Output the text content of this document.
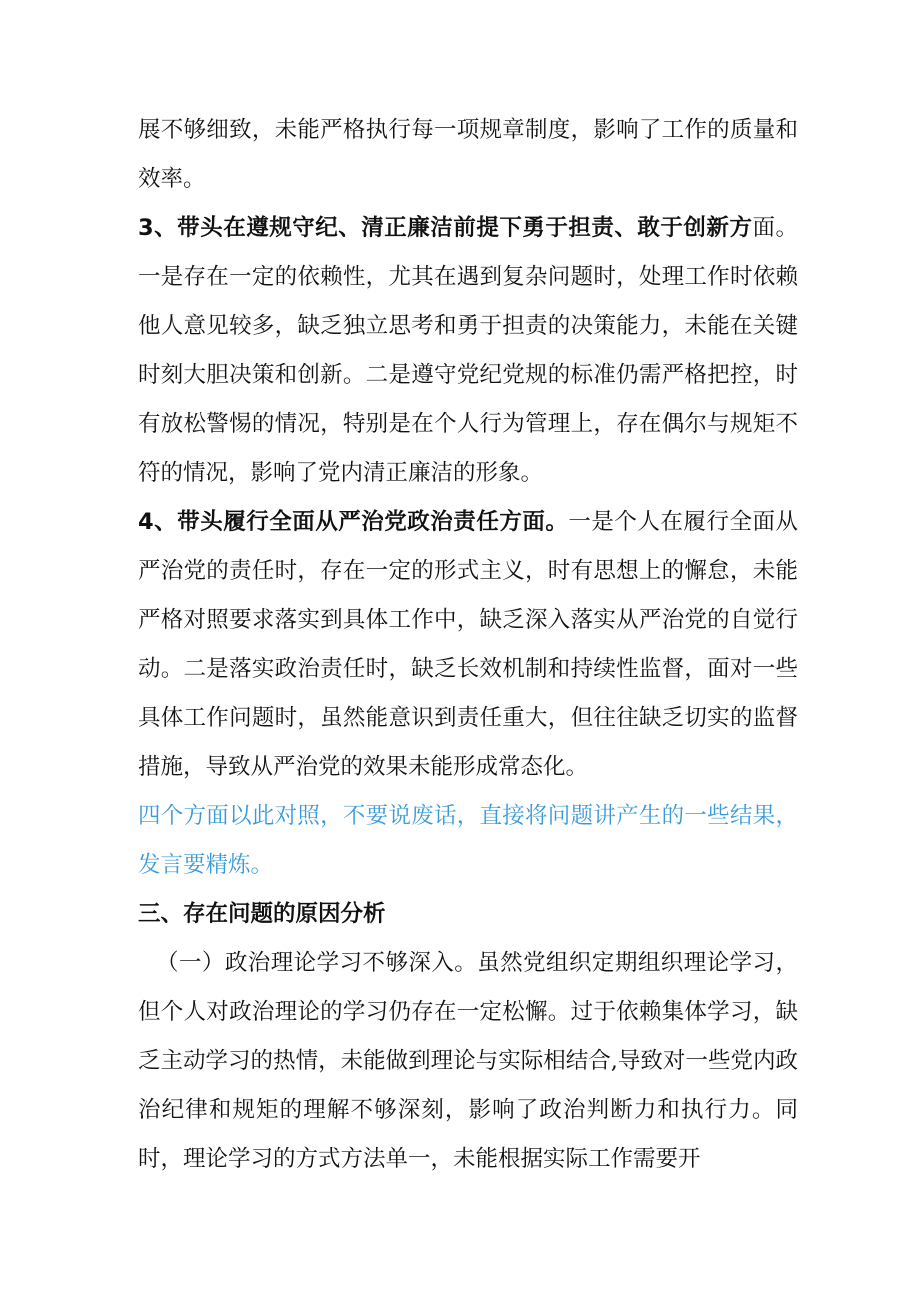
展不够细致，未能严格执行每一项规章制度，影响了工作的质量和效率。

3、带头在遵规守纪、清正廉洁前提下勇于担责、敢于创新方面。一是存在一定的依赖性，尤其在遇到复杂问题时，处理工作时依赖他人意见较多，缺乏独立思考和勇于担责的决策能力，未能在关键时刻大胆决策和创新。二是遵守党纪党规的标准仍需严格把控，时有放松警惕的情况，特别是在个人行为管理上，存在偶尔与规矩不符的情况，影响了党内清正廉洁的形象。

4、带头履行全面从严治党政治责任方面。一是个人在履行全面从严治党的责任时，存在一定的形式主义，时有思想上的懈怠，未能严格对照要求落实到具体工作中，缺乏深入落实从严治党的自觉行动。二是落实政治责任时，缺乏长效机制和持续性监督，面对一些具体工作问题时，虽然能意识到责任重大，但往往缺乏切实的监督措施，导致从严治党的效果未能形成常态化。

四个方面以此对照，不要说废话，直接将问题讲产生的一些结果，发言要精炼。

三、存在问题的原因分析

（一）政治理论学习不够深入。虽然党组织定期组织理论学习，但个人对政治理论的学习仍存在一定松懈。过于依赖集体学习，缺乏主动学习的热情，未能做到理论与实际相结合,导致对一些党内政治纪律和规矩的理解不够深刻，影响了政治判断力和执行力。同时，理论学习的方式方法单一，未能根据实际工作需要开
